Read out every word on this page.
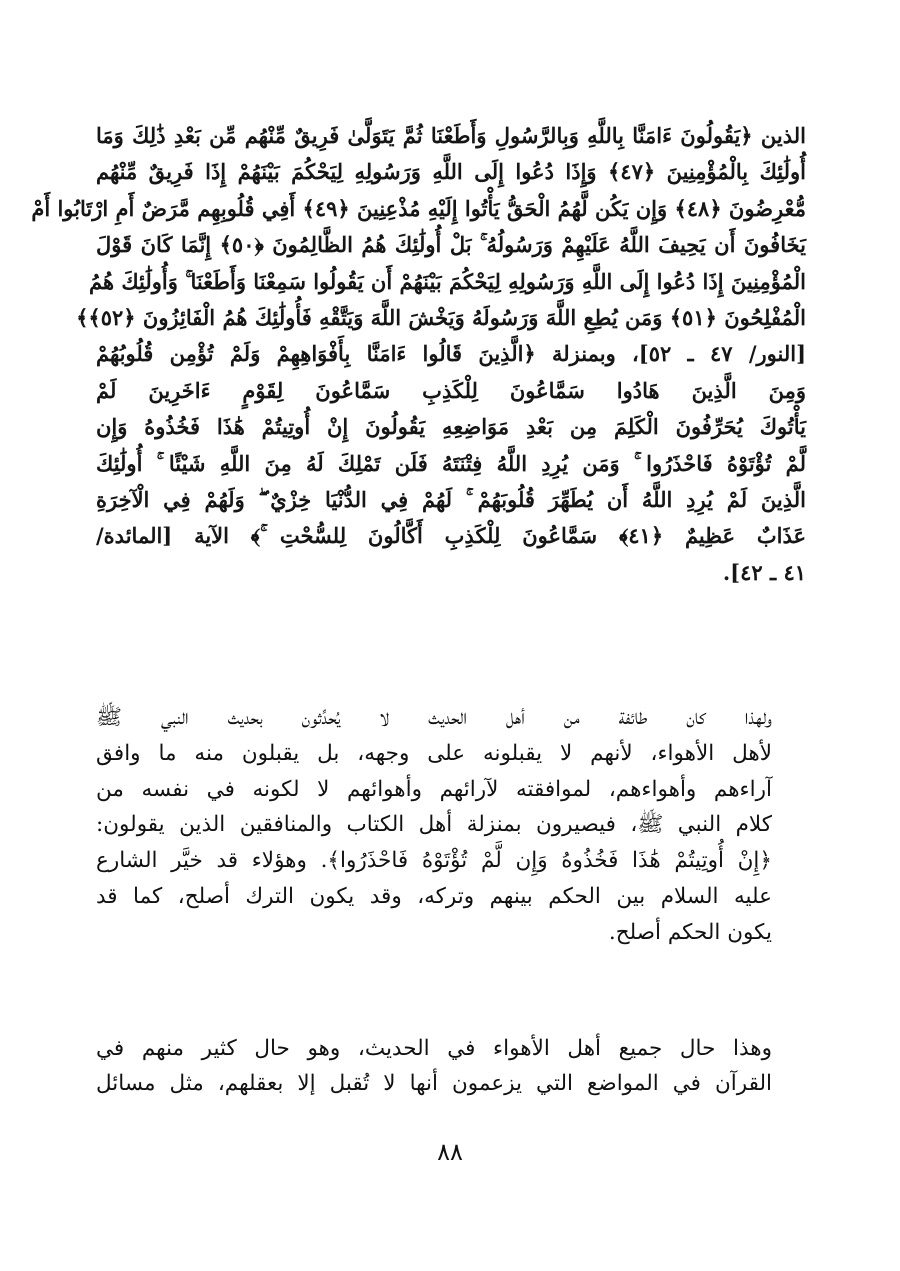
الذين ﴿يَقُولُونَ ءَامَنَّا بِاللَّهِ وَبِالرَّسُولِ وَأَطَعْنَا ثُمَّ يَتَوَلَّىٰ فَرِيقٌ مِّنْهُم مِّن بَعْدِ ذَٰلِكَ وَمَا
أُولَٰئِكَ بِالْمُؤْمِنِينَ ﴿٤٧﴾ وَإِذَا دُعُوا إِلَى اللَّهِ وَرَسُولِهِ لِيَحْكُمَ بَيْنَهُمْ إِذَا فَرِيقٌ مِّنْهُم
مُّعْرِضُونَ ﴿٤٨﴾ وَإِن يَكُن لَّهُمُ الْحَقُّ يَأْتُوا إِلَيْهِ مُذْعِنِينَ ﴿٤٩﴾ أَفِي قُلُوبِهِم مَّرَضٌ أَمِ ارْتَابُوا أَمْ
يَخَافُونَ أَن يَحِيفَ اللَّهُ عَلَيْهِمْ وَرَسُولُهُ ۚ بَلْ أُولَٰئِكَ هُمُ الظَّالِمُونَ ﴿٥٠﴾ إِنَّمَا كَانَ قَوْلَ
الْمُؤْمِنِينَ إِذَا دُعُوا إِلَى اللَّهِ وَرَسُولِهِ لِيَحْكُمَ بَيْنَهُمْ أَن يَقُولُوا سَمِعْنَا وَأَطَعْنَا ۚ وَأُولَٰئِكَ هُمُ
الْمُفْلِحُونَ ﴿٥١﴾ وَمَن يُطِعِ اللَّهَ وَرَسُولَهُ وَيَخْشَ اللَّهَ وَيَتَّقْهِ فَأُولَٰئِكَ هُمُ الْفَائِزُونَ ﴿٥٢﴾﴾
[النور/ ٤٧ ـ ٥٢]، وبمنزلة ﴿الَّذِينَ قَالُوا ءَامَنَّا بِأَفْوَاهِهِمْ وَلَمْ تُؤْمِن قُلُوبُهُمْ
وَمِنَ الَّذِينَ هَادُوا سَمَّاعُونَ لِلْكَذِبِ سَمَّاعُونَ لِقَوْمٍ ءَاخَرِينَ لَمْ
يَأْتُوكَ يُحَرِّفُونَ الْكَلِمَ مِن بَعْدِ مَوَاضِعِهِ يَقُولُونَ إِنْ أُوتِيتُمْ هَٰذَا فَخُذُوهُ وَإِن
لَّمْ تُؤْتَوْهُ فَاحْذَرُوا ۚ وَمَن يُرِدِ اللَّهُ فِتْنَتَهُ فَلَن تَمْلِكَ لَهُ مِنَ اللَّهِ شَيْئًا ۚ أُولَٰئِكَ
الَّذِينَ لَمْ يُرِدِ اللَّهُ أَن يُطَهِّرَ قُلُوبَهُمْ ۚ لَهُمْ فِي الدُّنْيَا خِزْيٌ ۖ وَلَهُمْ فِي الْآخِرَةِ
عَذَابٌ عَظِيمٌ ﴿٤١﴾ سَمَّاعُونَ لِلْكَذِبِ أَكَّالُونَ لِلسُّحْتِ ۚ﴾ الآية [المائدة/
٤١ ـ ٤٢].
ولهذا كان طائفة من أهل الحديث لا يُحدِّثون بحديث النبي ﷺ
لأهل الأهواء، لأنهم لا يقبلونه على وجهه، بل يقبلون منه ما وافق
آراءهم وأهواءهم، لموافقته لآرائهم وأهوائهم لا لكونه في نفسه من
كلام النبي ﷺ، فيصيرون بمنزلة أهل الكتاب والمنافقين الذين يقولون:
﴿إِنْ أُوتِيتُمْ هَٰذَا فَخُذُوهُ وَإِن لَّمْ تُؤْتَوْهُ فَاحْذَرُوا﴾. وهؤلاء قد خيَّر الشارع
عليه السلام بين الحكم بينهم وتركه، وقد يكون الترك أصلح، كما قد
يكون الحكم أصلح.
وهذا حال جميع أهل الأهواء في الحديث، وهو حال كثير منهم في
القرآن في المواضع التي يزعمون أنها لا تُقبل إلا بعقلهم، مثل مسائل
٨٨
